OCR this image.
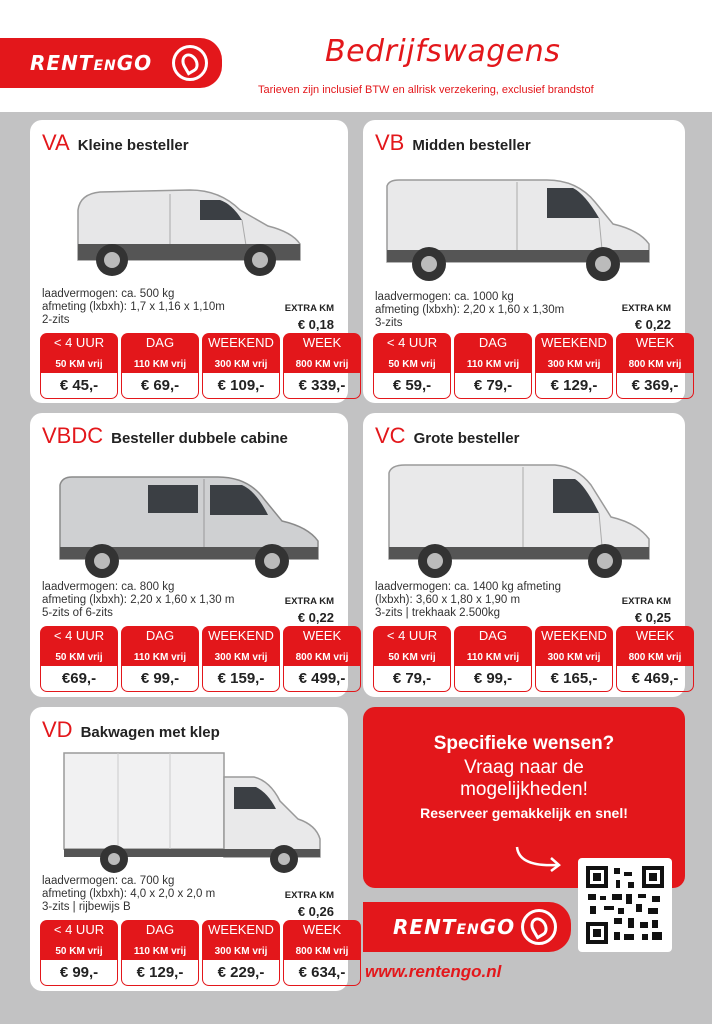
RENTENGO	Bedrijfswagens
Tarieven zijn inclusief BTW en allrisk verzekering, exclusief brandstof
VA Kleine besteller
laadvermogen: ca. 500 kg
afmeting (lxbxh): 1,7 x 1,16 x 1,10m
2-zits
EXTRA KM
€ 0,18
< 4 UUR
50 KM vrij
€ 45,-
DAG
110 KM vrij
€ 69,-
WEEKEND
300 KM vrij
€ 109,-
WEEK
800 KM vrij
€ 339,-
VB Midden besteller
laadvermogen: ca. 1000 kg
afmeting (lxbxh): 2,20 x 1,60 x 1,30m
3-zits
EXTRA KM
€ 0,22
< 4 UUR
50 KM vrij
€ 59,-
DAG
110 KM vrij
€ 79,-
WEEKEND
300 KM vrij
€ 129,-
WEEK
800 KM vrij
€ 369,-
VBDC Besteller dubbele cabine
laadvermogen: ca. 800 kg
afmeting (lxbxh): 2,20 x 1,60 x 1,30 m
5-zits of 6-zits
EXTRA KM
€ 0,22
< 4 UUR
50 KM vrij
€69,-
DAG
110 KM vrij
€ 99,-
WEEKEND
300 KM vrij
€ 159,-
WEEK
800 KM vrij
€ 499,-
VC Grote besteller
laadvermogen: ca. 1400 kg afmeting
(lxbxh): 3,60 x 1,80 x 1,90 m
3-zits | trekhaak 2.500kg
EXTRA KM
€ 0,25
< 4 UUR
50 KM vrij
€ 79,-
DAG
110 KM vrij
€ 99,-
WEEKEND
300 KM vrij
€ 165,-
WEEK
800 KM vrij
€ 469,-
VD Bakwagen met klep
laadvermogen: ca. 700 kg
afmeting (lxbxh): 4,0 x 2,0 x 2,0 m
3-zits | rijbewijs B
EXTRA KM
€ 0,26
< 4 UUR
50 KM vrij
€ 99,-
DAG
110 KM vrij
€ 129,-
WEEKEND
300 KM vrij
€ 229,-
WEEK
800 KM vrij
€ 634,-
Specifieke wensen?
Vraag naar de
mogelijkheden!
Reserveer gemakkelijk en snel!
RENTENGO
www.rentengo.nl
